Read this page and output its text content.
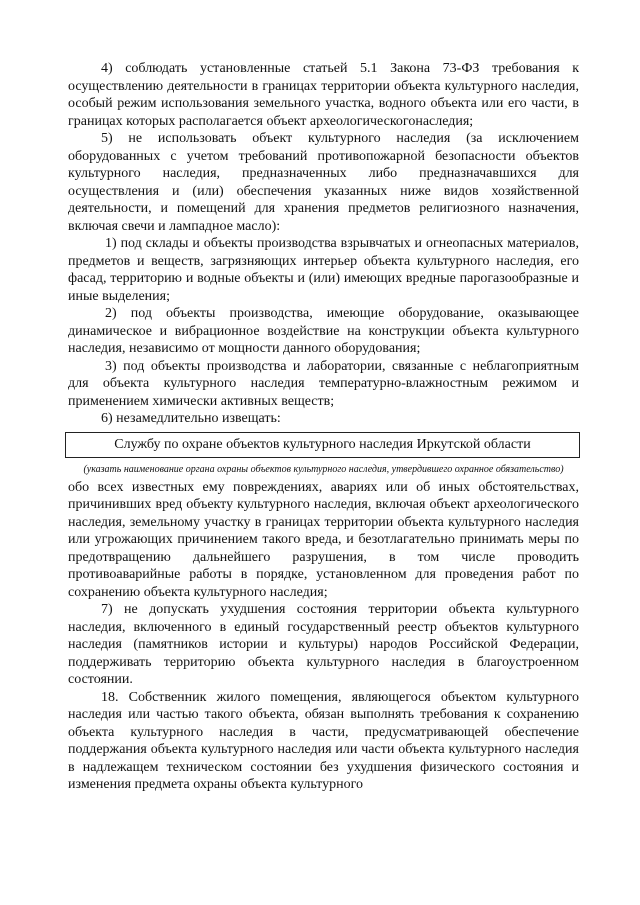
4) соблюдать установленные статьей 5.1 Закона 73-ФЗ требования к осуществлению деятельности в границах территории объекта культурного наследия, особый режим использования земельного участка, водного объекта или его части, в границах которых располагается объект археологическогонаследия;

5) не использовать объект культурного наследия (за исключением оборудованных с учетом требований противопожарной безопасности объектов культурного наследия, предназначенных либо предназначавшихся для осуществления и (или) обеспечения указанных ниже видов хозяйственной деятельности, и помещений для хранения предметов религиозного назначения, включая свечи и лампадное масло):

1) под склады и объекты производства взрывчатых и огнеопасных материалов, предметов и веществ, загрязняющих интерьер объекта культурного наследия, его фасад, территорию и водные объекты и (или) имеющих вредные парогазообразные и иные выделения;

2) под объекты производства, имеющие оборудование, оказывающее динамическое и вибрационное воздействие на конструкции объекта культурного наследия, независимо от мощности данного оборудования;

3) под объекты производства и лаборатории, связанные с неблагоприятным для объекта культурного наследия температурно-влажностным режимом и применением химически активных веществ;

6) незамедлительно извещать:

Службу по охране объектов культурного наследия Иркутской области
(указать наименование органа охраны объектов культурного наследия, утвердившего охранное обязательство)

обо всех известных ему повреждениях, авариях или об иных обстоятельствах, причинивших вред объекту культурного наследия, включая объект археологического наследия, земельному участку в границах территории объекта культурного наследия или угрожающих причинением такого вреда, и безотлагательно принимать меры по предотвращению дальнейшего разрушения, в том числе проводить противоаварийные работы в порядке, установленном для проведения работ по сохранению объекта культурного наследия;

7) не допускать ухудшения состояния территории объекта культурного наследия, включенного в единый государственный реестр объектов культурного наследия (памятников истории и культуры) народов Российской Федерации, поддерживать территорию объекта культурного наследия в благоустроенном состоянии.

18. Собственник жилого помещения, являющегося объектом культурного наследия или частью такого объекта, обязан выполнять требования к сохранению объекта культурного наследия в части, предусматривающей обеспечение поддержания объекта культурного наследия или части объекта культурного наследия в надлежащем техническом состоянии без ухудшения физического состояния и изменения предмета охраны объекта культурного
